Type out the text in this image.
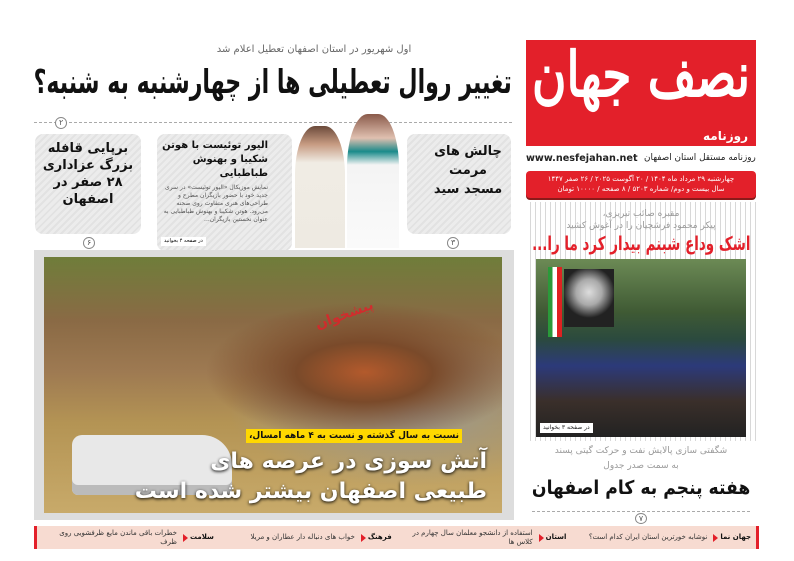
نصف جهان
روزنامه
روزنامه مستقل استان اصفهان
www.nesfejahan.net
چهارشنبه ۲۹ مرداد ماه ۱۴۰۴ / ۲۰ آگوست ۲۰۲۵ / ۲۶ صفر ۱۴۴۷
سال بیست و دوم/ شماره ۵۲۰۳ / ۸ صفحه / ۱۰۰۰۰ تومان
مقبره صائب تبریزی،
پیکر محمود فرشچیان را در آغوش کشید
اشک وداع شبنم بیدار کرد ما را...
در صفحه ۳ بخوانید
شگفتی سازی پالایش نفت و حرکت گیتی پسند
به سمت صدر جدول
هفته پنجم به کام اصفهان
$^۷$
اول شهریور در استان اصفهان تعطیل اعلام شد
تغییر روال تعطیلی ها از چهارشنبه به شنبه؟
۲
برپایی قافله بزرگ عزاداری ۲۸ صفر در اصفهان
۶
الیور توئیست با هوتن شکیبا و بهنوش طباطبایی
نمایش موزیکال «الیور توئیست» در سری جدید خود با حضور بازیگران مطرح و طراحی‌های هنری متفاوت روی صحنه می‌رود. هوتن شکیبا و بهنوش طباطبایی به عنوان نخستین بازیگران...
در صفحه ۴ بخوانید
چالش های مرمت مسجد سید
۳
پیشخوان
نسبت به سال گذشته و نسبت به ۴ ماهه امسال،
آتش سوزی در عرصه های
طبیعی اصفهان بیشتر شده است
جهان نما
نوشابه خورترین استان ایران کدام است؟
استان
استفاده از دانشجو معلمان سال چهارم در کلاس ها
فرهنگ
خواب های دنباله دار عطاران و مریلا
سلامت
خطرات باقی ماندن مایع ظرفشویی روی ظرف
